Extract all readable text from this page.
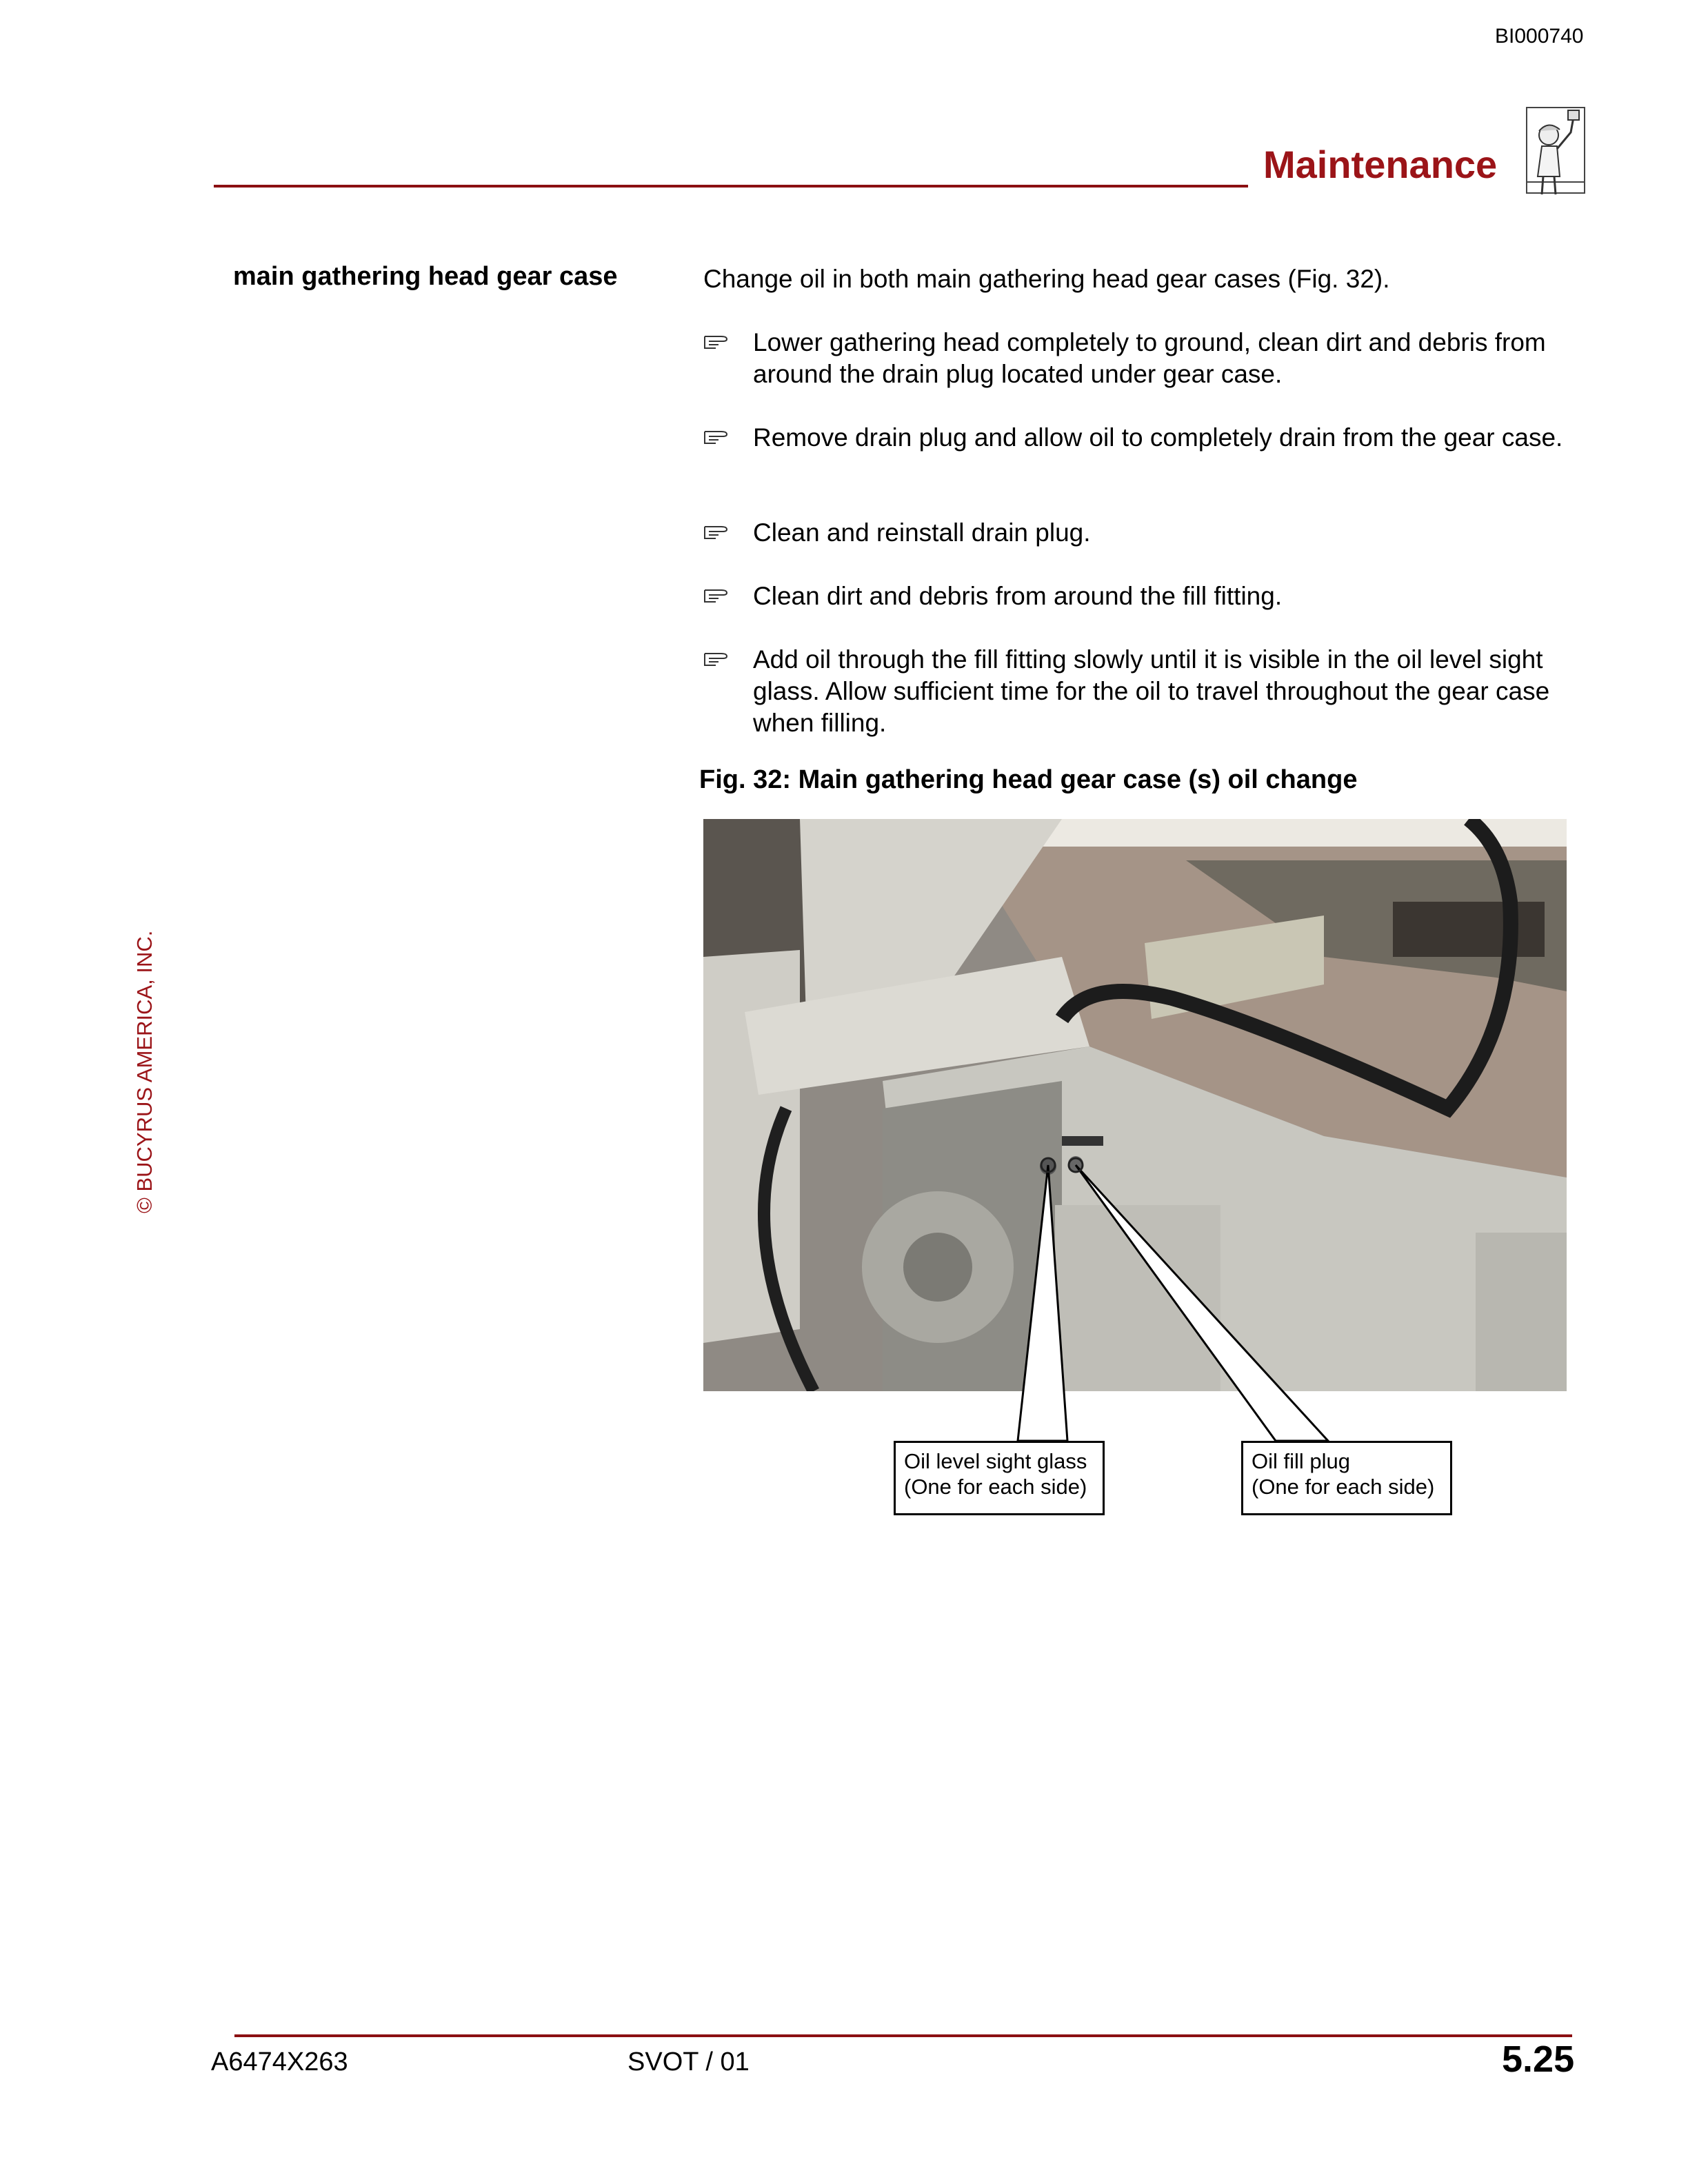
BI000740
Maintenance
© BUCYRUS AMERICA, INC.
main gathering head gear case	Change oil in both main gathering head gear cases (Fig. 32).
Lower gathering head completely to ground, clean dirt and debris from around the drain plug located under gear case.
Remove drain plug and allow oil to completely drain from the gear case.
Clean and reinstall drain plug.
Clean dirt and debris from around the fill fitting.
Add oil through the fill fitting slowly until it is visible in the oil level sight glass. Allow sufficient time for the oil to travel throughout the gear case when filling.
Fig. 32: Main gathering head gear case (s) oil change
Oil level sight glass
(One for each side)
Oil fill plug
(One for each side)
A6474X263	SVOT / 01	5.25
